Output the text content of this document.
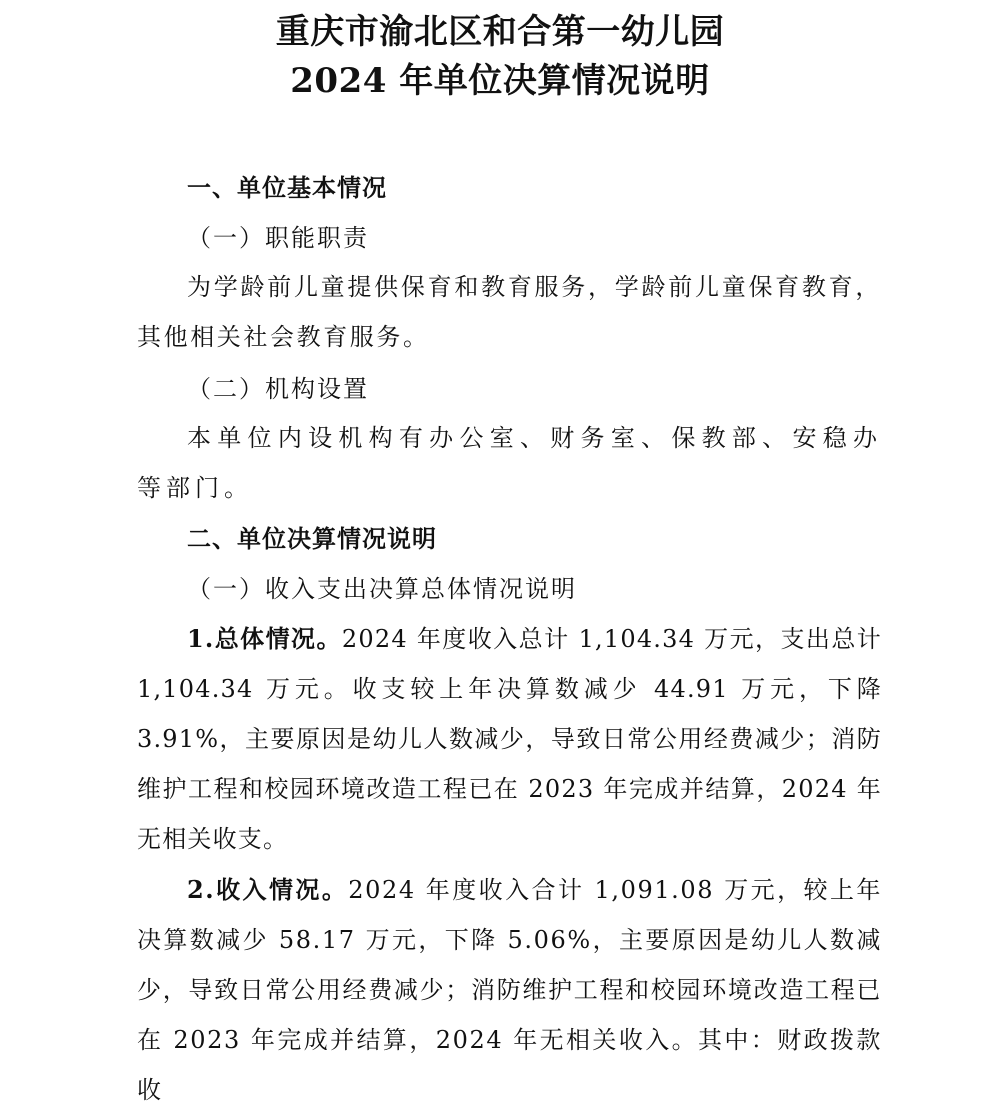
重庆市渝北区和合第一幼儿园
2024 年单位决算情况说明
一、单位基本情况
（一）职能职责
为学龄前儿童提供保育和教育服务，学龄前儿童保育教育，其他相关社会教育服务。
（二）机构设置
本单位内设机构有办公室、财务室、保教部、安稳办等部门。
二、单位决算情况说明
（一）收入支出决算总体情况说明
1.总体情况。2024 年度收入总计 1,104.34 万元，支出总计 1,104.34 万元。收支较上年决算数减少 44.91 万元，下降 3.91%，主要原因是幼儿人数减少，导致日常公用经费减少；消防维护工程和校园环境改造工程已在 2023 年完成并结算，2024 年无相关收支。
2.收入情况。2024 年度收入合计 1,091.08 万元，较上年决算数减少 58.17 万元，下降 5.06%，主要原因是幼儿人数减少，导致日常公用经费减少；消防维护工程和校园环境改造工程已在 2023 年完成并结算，2024 年无相关收入。其中：财政拨款收
